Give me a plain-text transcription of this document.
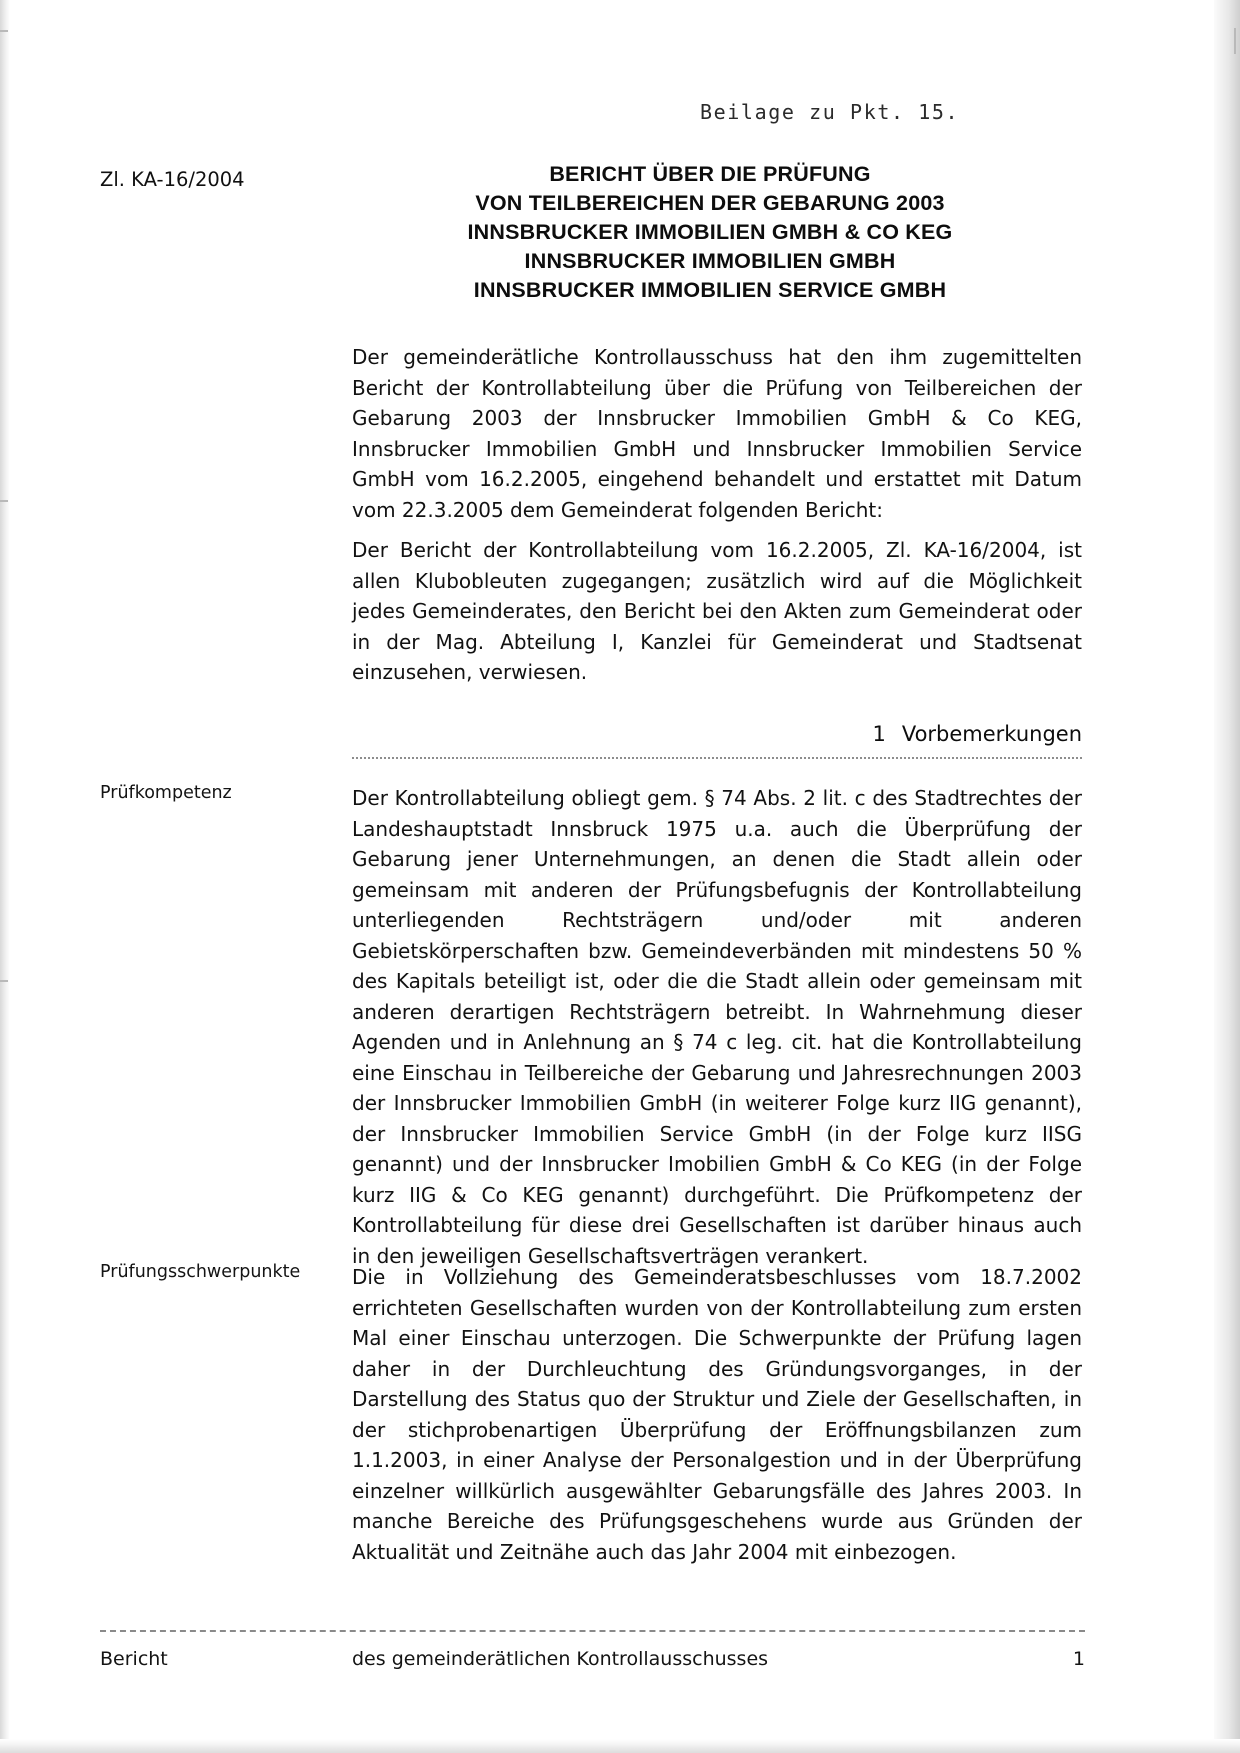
Beilage zu Pkt. 15.
Zl. KA-16/2004	BERICHT ÜBER DIE PRÜFUNG
VON TEILBEREICHEN DER GEBARUNG 2003
INNSBRUCKER IMMOBILIEN GMBH & CO KEG
INNSBRUCKER IMMOBILIEN GMBH
INNSBRUCKER IMMOBILIEN SERVICE GMBH
Der gemeinderätliche Kontrollausschuss hat den ihm zugemittelten Bericht der Kontrollabteilung über die Prüfung von Teilbereichen der Gebarung 2003 der Innsbrucker Immobilien GmbH & Co KEG, Innsbrucker Immobilien GmbH und Innsbrucker Immobilien Service GmbH vom 16.2.2005, eingehend behandelt und erstattet mit Datum vom 22.3.2005 dem Gemeinderat folgenden Bericht:
Der Bericht der Kontrollabteilung vom 16.2.2005, Zl. KA-16/2004, ist allen Klubobleuten zugegangen; zusätzlich wird auf die Möglichkeit jedes Gemeinderates, den Bericht bei den Akten zum Gemeinderat oder in der Mag. Abteilung I, Kanzlei für Gemeinderat und Stadtsenat einzusehen, verwiesen.
1 Vorbemerkungen
Prüfkompetenz	Der Kontrollabteilung obliegt gem. § 74 Abs. 2 lit. c des Stadtrechtes der Landeshauptstadt Innsbruck 1975 u.a. auch die Überprüfung der Gebarung jener Unternehmungen, an denen die Stadt allein oder gemeinsam mit anderen der Prüfungsbefugnis der Kontrollabteilung unterliegenden Rechtsträgern und/oder mit anderen Gebietskörperschaften bzw. Gemeindeverbänden mit mindestens 50 % des Kapitals beteiligt ist, oder die die Stadt allein oder gemeinsam mit anderen derartigen Rechtsträgern betreibt. In Wahrnehmung dieser Agenden und in Anlehnung an § 74 c leg. cit. hat die Kontrollabteilung eine Einschau in Teilbereiche der Gebarung und Jahresrechnungen 2003 der Innsbrucker Immobilien GmbH (in weiterer Folge kurz IIG genannt), der Innsbrucker Immobilien Service GmbH (in der Folge kurz IISG genannt) und der Innsbrucker Imobilien GmbH & Co KEG (in der Folge kurz IIG & Co KEG genannt) durchgeführt. Die Prüfkompetenz der Kontrollabteilung für diese drei Gesellschaften ist darüber hinaus auch in den jeweiligen Gesellschaftsverträgen verankert.
Prüfungsschwerpunkte	Die in Vollziehung des Gemeinderatsbeschlusses vom 18.7.2002 errichteten Gesellschaften wurden von der Kontrollabteilung zum ersten Mal einer Einschau unterzogen. Die Schwerpunkte der Prüfung lagen daher in der Durchleuchtung des Gründungsvorganges, in der Darstellung des Status quo der Struktur und Ziele der Gesellschaften, in der stichprobenartigen Überprüfung der Eröffnungsbilanzen zum 1.1.2003, in einer Analyse der Personalgestion und in der Überprüfung einzelner willkürlich ausgewählter Gebarungsfälle des Jahres 2003. In manche Bereiche des Prüfungsgeschehens wurde aus Gründen der Aktualität und Zeitnähe auch das Jahr 2004 mit einbezogen.
Bericht	des gemeinderätlichen Kontrollausschusses	1
